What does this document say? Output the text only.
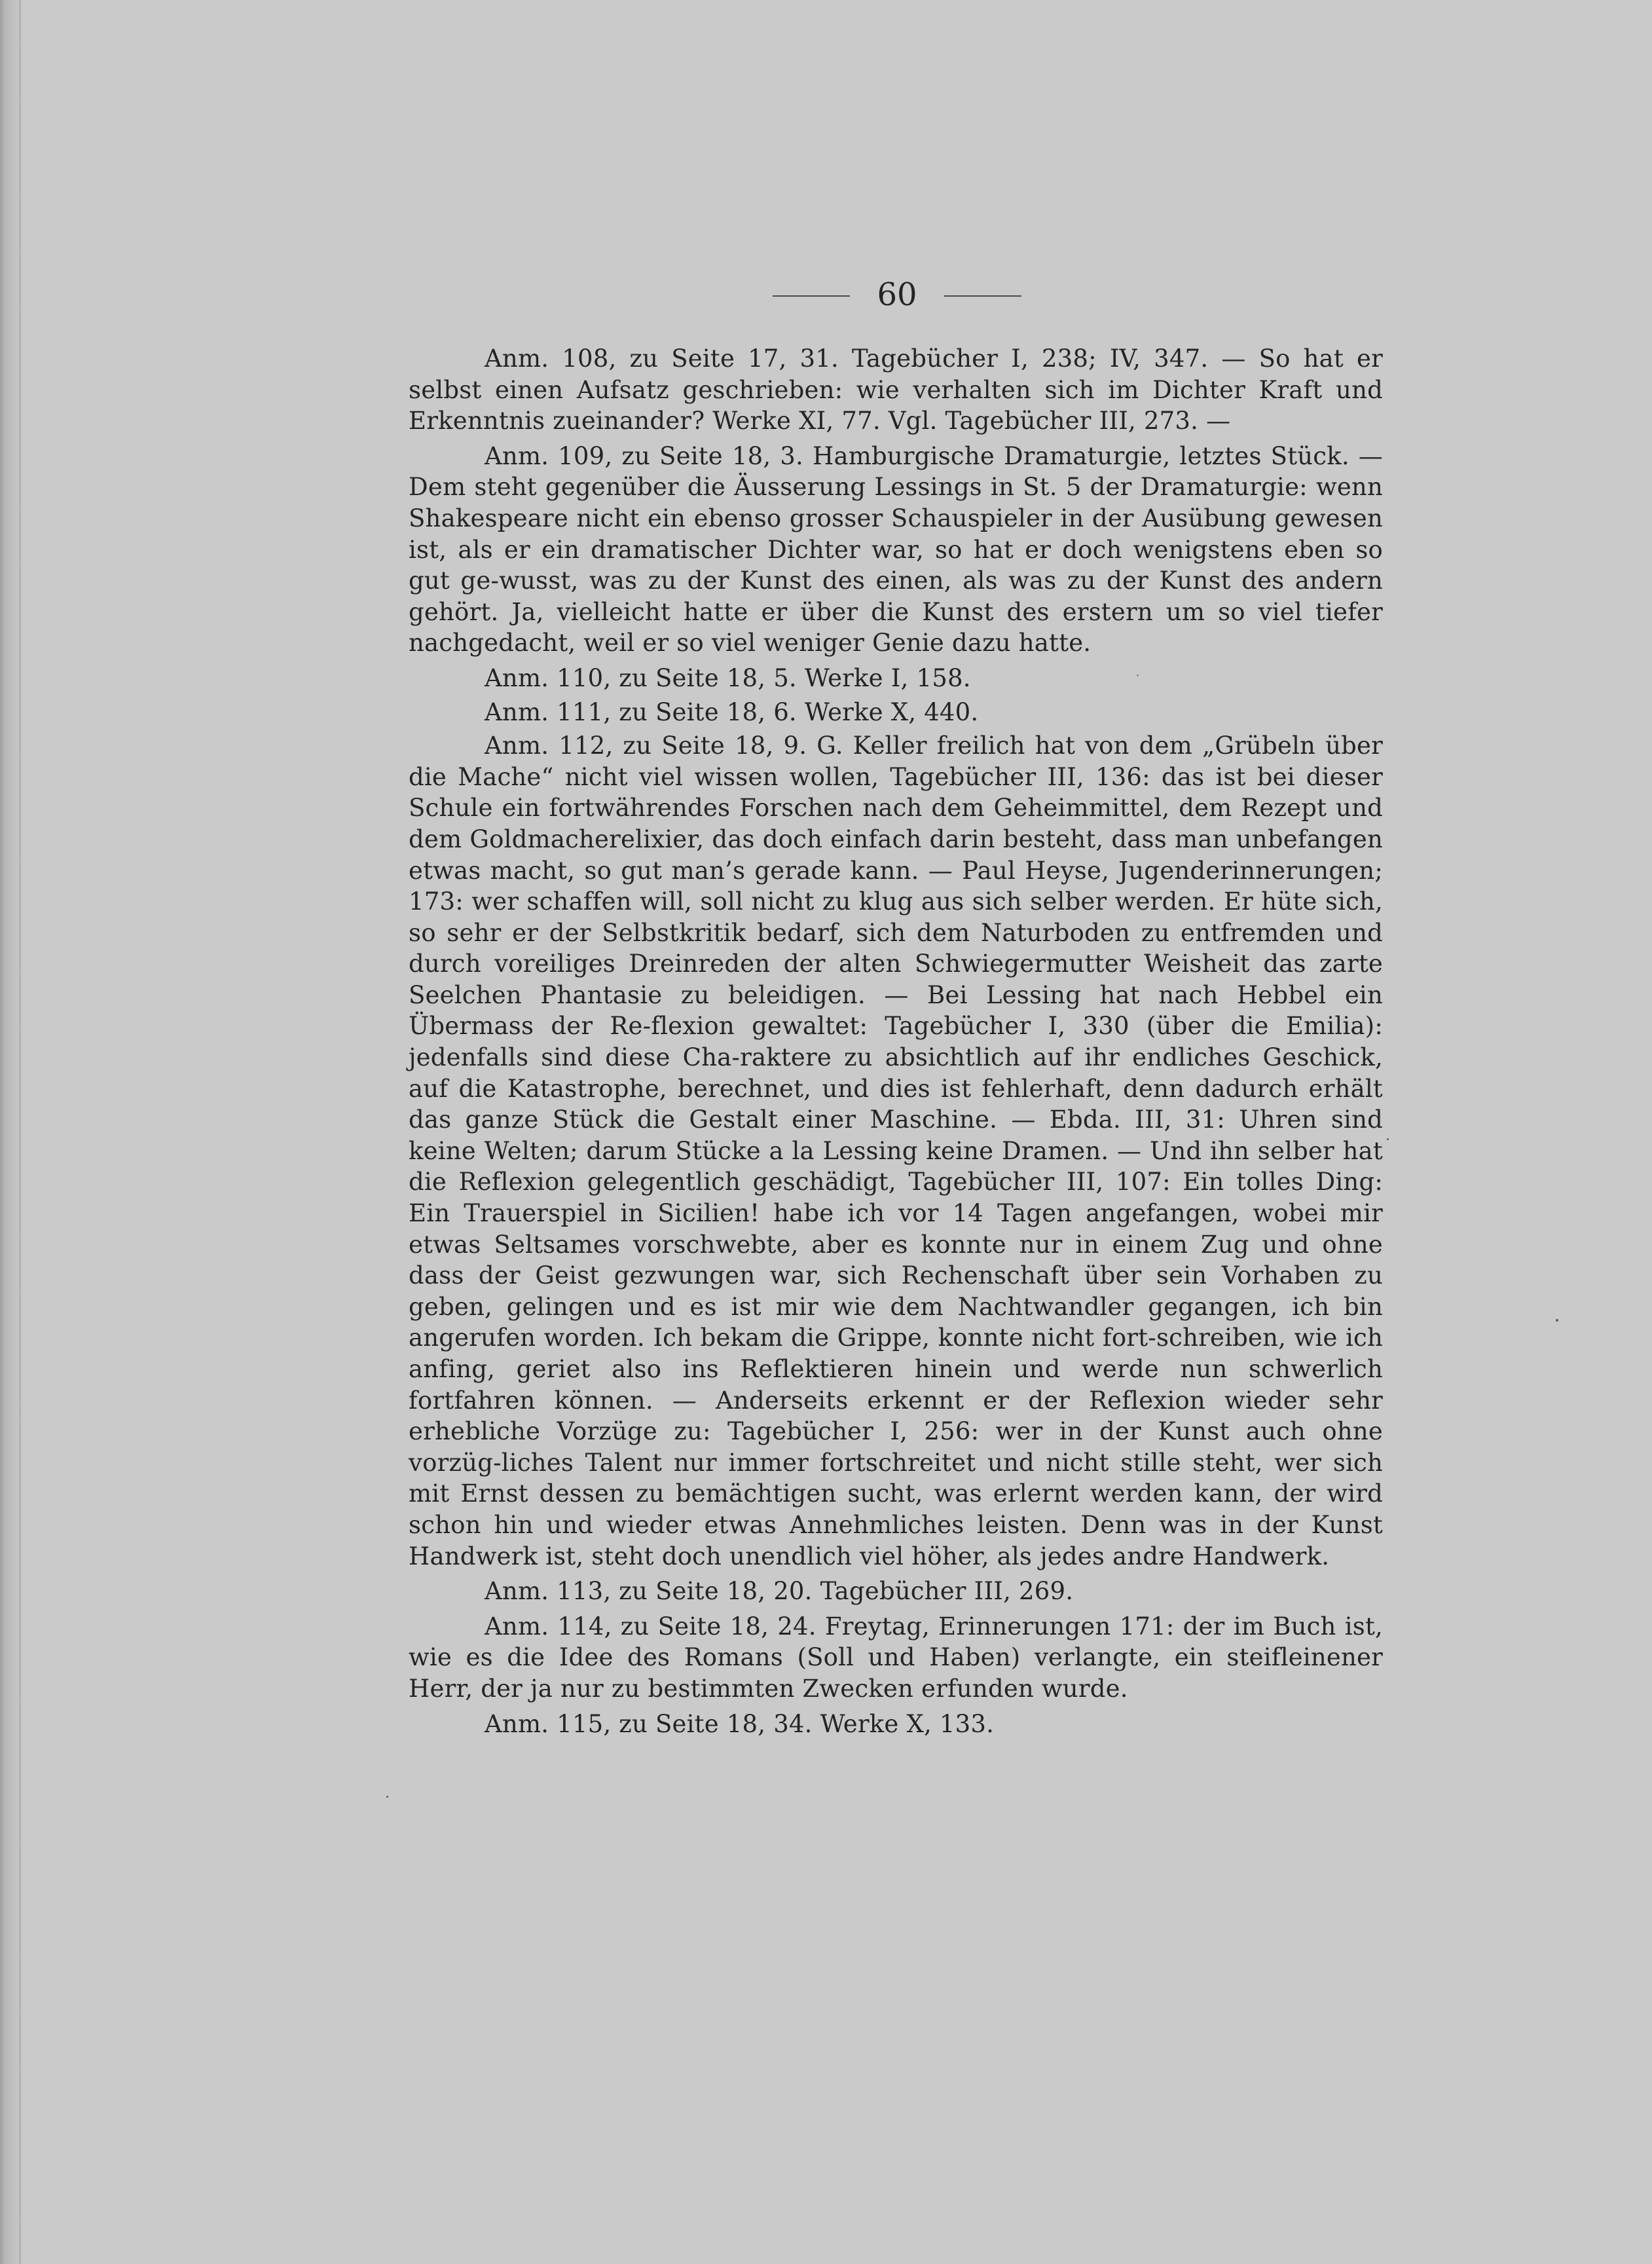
60

Anm. 108, zu Seite 17, 31. Tagebücher I, 238; IV, 347. — So hat er selbst einen Aufsatz geschrieben: wie verhalten sich im Dichter Kraft und Erkenntnis zueinander? Werke XI, 77. Vgl. Tagebücher III, 273. —

Anm. 109, zu Seite 18, 3. Hamburgische Dramaturgie, letztes Stück. — Dem steht gegenüber die Äusserung Lessings in St. 5 der Dramaturgie: wenn Shakespeare nicht ein ebenso grosser Schauspieler in der Ausübung gewesen ist, als er ein dramatischer Dichter war, so hat er doch wenigstens eben so gut ge-wusst, was zu der Kunst des einen, als was zu der Kunst des andern gehört. Ja, vielleicht hatte er über die Kunst des erstern um so viel tiefer nachgedacht, weil er so viel weniger Genie dazu hatte.

Anm. 110, zu Seite 18, 5. Werke I, 158.

Anm. 111, zu Seite 18, 6. Werke X, 440.

Anm. 112, zu Seite 18, 9. G. Keller freilich hat von dem „Grübeln über die Mache“ nicht viel wissen wollen, Tagebücher III, 136: das ist bei dieser Schule ein fortwährendes Forschen nach dem Geheimmittel, dem Rezept und dem Goldmacherelixier, das doch einfach darin besteht, dass man unbefangen etwas macht, so gut man’s gerade kann. — Paul Heyse, Jugenderinnerungen; 173: wer schaffen will, soll nicht zu klug aus sich selber werden. Er hüte sich, so sehr er der Selbstkritik bedarf, sich dem Naturboden zu entfremden und durch voreiliges Dreinreden der alten Schwiegermutter Weisheit das zarte Seelchen Phantasie zu beleidigen. — Bei Lessing hat nach Hebbel ein Übermass der Re-flexion gewaltet: Tagebücher I, 330 (über die Emilia): jedenfalls sind diese Cha-raktere zu absichtlich auf ihr endliches Geschick, auf die Katastrophe, berechnet, und dies ist fehlerhaft, denn dadurch erhält das ganze Stück die Gestalt einer Maschine. — Ebda. III, 31: Uhren sind keine Welten; darum Stücke a la Lessing keine Dramen. — Und ihn selber hat die Reflexion gelegentlich geschädigt, Tagebücher III, 107: Ein tolles Ding: Ein Trauerspiel in Sicilien! habe ich vor 14 Tagen angefangen, wobei mir etwas Seltsames vorschwebte, aber es konnte nur in einem Zug und ohne dass der Geist gezwungen war, sich Rechenschaft über sein Vorhaben zu geben, gelingen und es ist mir wie dem Nachtwandler gegangen, ich bin angerufen worden. Ich bekam die Grippe, konnte nicht fort-schreiben, wie ich anfing, geriet also ins Reflektieren hinein und werde nun schwerlich fortfahren können. — Anderseits erkennt er der Reflexion wieder sehr erhebliche Vorzüge zu: Tagebücher I, 256: wer in der Kunst auch ohne vorzüg-liches Talent nur immer fortschreitet und nicht stille steht, wer sich mit Ernst dessen zu bemächtigen sucht, was erlernt werden kann, der wird schon hin und wieder etwas Annehmliches leisten. Denn was in der Kunst Handwerk ist, steht doch unendlich viel höher, als jedes andre Handwerk.

Anm. 113, zu Seite 18, 20. Tagebücher III, 269.

Anm. 114, zu Seite 18, 24. Freytag, Erinnerungen 171: der im Buch ist, wie es die Idee des Romans (Soll und Haben) verlangte, ein steifleinener Herr, der ja nur zu bestimmten Zwecken erfunden wurde.

Anm. 115, zu Seite 18, 34. Werke X, 133.
